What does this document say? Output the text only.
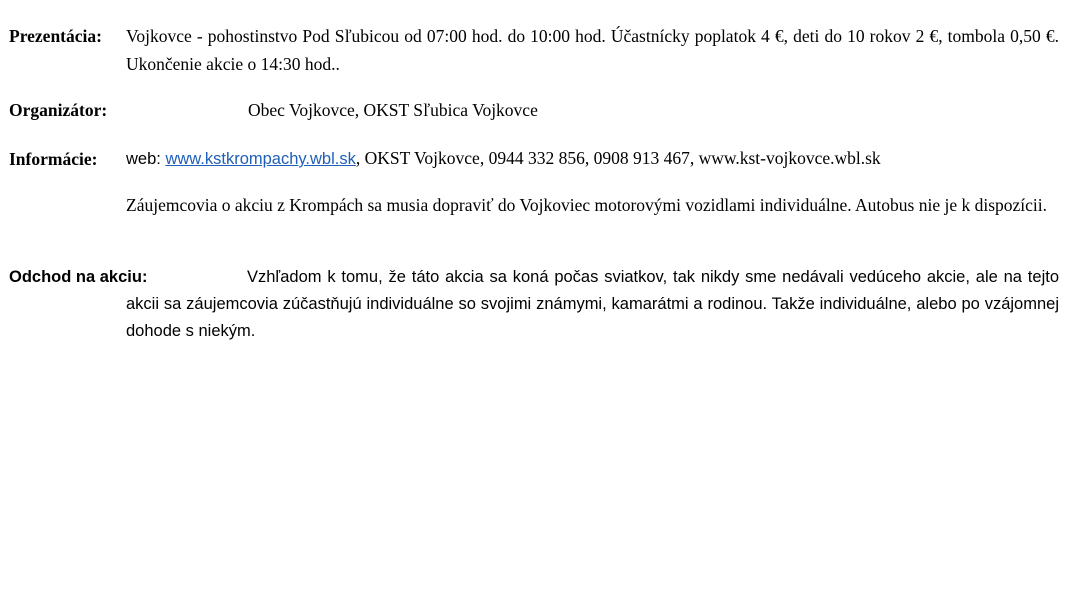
Prezentácia: Vojkovce - pohostinstvo Pod Sľubicou od 07:00 hod. do 10:00 hod. Účastnícky poplatok 4 €, deti do 10 rokov 2 €, tombola 0,50 €. Ukončenie akcie o 14:30 hod..
Organizátor:	Obec Vojkovce, OKST Sľubica Vojkovce
Informácie: web: www.kstkrompachy.wbl.sk, OKST Vojkovce, 0944 332 856, 0908 913 467, www.kst-vojkovce.wbl.sk
Záujemcovia o akciu z Krompách sa musia dopraviť do Vojkoviec motorovými vozidlami individuálne. Autobus nie je k dispozícii.
Odchod na akciu:	Vzhľadom k tomu, že táto akcia sa koná počas sviatkov, tak nikdy sme nedávali vedúceho akcie, ale na tejto akcii sa záujemcovia zúčastňujú individuálne so svojimi známymi, kamarátmi a rodinou. Takže individuálne, alebo po vzájomnej dohode s niekým.
